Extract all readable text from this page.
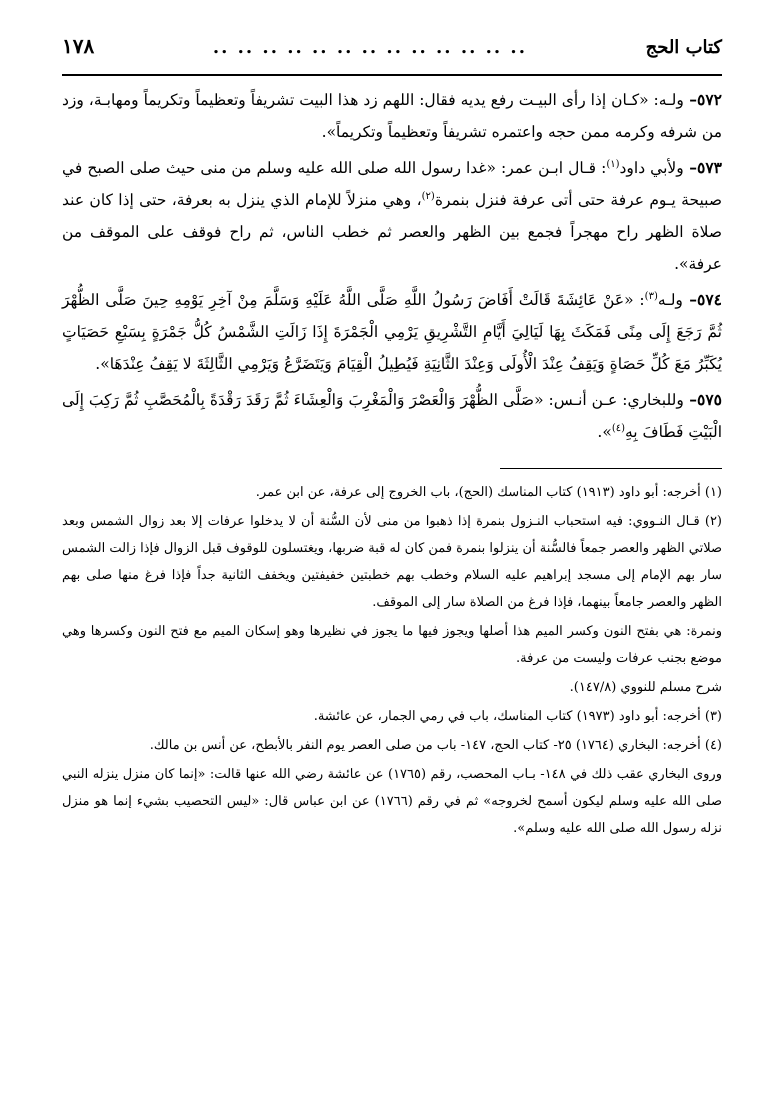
كتاب الحج
.. .. .. .. .. .. .. .. .. .. .. .. ..
١٧٨

٥٧٢– ولـه: «كـان إذا رأى البيـت رفع يديه فقال: اللهم زد هذا البيت تشريفاً وتعظيماً وتكريماً ومهابـة، وزد من شرفه وكرمه ممن حجه واعتمره تشريفاً وتعظيماً وتكريماً».

٥٧٣– ولأبي داود$^{(١)}$: قـال ابـن عمر: «غدا رسول الله صلى الله عليه وسلم من منى حيث صلى الصبح في صبيحة يـوم عرفة حتى أتى عرفة فنزل بنمرة$^{(٢)}$، وهي منزلاً للإمام الذي ينزل به بعرفة، حتى إذا كان عند صلاة الظهر راح مهجراً فجمع بين الظهر والعصر ثم خطب الناس، ثم راح فوقف على الموقف من عرفة».

٥٧٤– ولـه$^{(٣)}$: «عَنْ عَائِشَةَ قَالَتْ أَفَاضَ رَسُولُ اللَّهِ صَلَّى اللَّهُ عَلَيْهِ وَسَلَّمَ مِنْ آخِرِ يَوْمِهِ حِينَ صَلَّى الظُّهْرَ ثُمَّ رَجَعَ إِلَى مِنًى فَمَكَثَ بِهَا لَيَالِيَ أَيَّامِ التَّشْرِيقِ يَرْمِي الْجَمْرَةَ إِذَا زَالَتِ الشَّمْسُ كُلُّ جَمْرَةٍ بِسَبْعِ حَصَيَاتٍ يُكَبِّرُ مَعَ كُلِّ حَصَاةٍ وَيَقِفُ عِنْدَ الْأُولَى وَعِنْدَ الثَّانِيَةِ فَيُطِيلُ الْقِيَامَ وَيَتَضَرَّعُ وَيَرْمِي الثَّالِثَةَ لا يَقِفُ عِنْدَهَا».

٥٧٥– وللبخاري: عـن أنـس: «صَلَّى الظُّهْرَ وَالْعَصْرَ وَالْمَغْرِبَ وَالْعِشَاءَ ثُمَّ رَقَدَ رَقْدَةً بِالْمُحَصَّبِ ثُمَّ رَكِبَ إِلَى الْبَيْتِ فَطَافَ بِهِ$^{(٤)}$».

(١) أخرجه: أبو داود (١٩١٣) كتاب المناسك (الحج)، باب الخروج إلى عرفة، عن ابن عمر.

(٢) قـال النـووي: فيه استحباب النـزول بنمرة إذا ذهبوا من منى لأن السُّنة أن لا يدخلوا عرفات إلا بعد زوال الشمس وبعد صلاتي الظهر والعصر جمعاً فالسُّنة أن ينزلوا بنمرة فمن كان له قبة ضربها، ويغتسلون للوقوف قبل الزوال فإذا زالت الشمس سار بهم الإمام إلى مسجد إبراهيم عليه السلام وخطب بهم خطبتين خفيفتين ويخفف الثانية جداً فإذا فرغ منها صلى بهم الظهر والعصر جامعاً بينهما، فإذا فرغ من الصلاة سار إلى الموقف.

ونمرة: هي بفتح النون وكسر الميم هذا أصلها ويجوز فيها ما يجوز في نظيرها وهو إسكان الميم مع فتح النون وكسرها وهي موضع بجنب عرفات وليست من عرفة.

شرح مسلم للنووي (١٤٧/٨).

(٣) أخرجه: أبو داود (١٩٧٣) كتاب المناسك، باب في رمي الجمار، عن عائشة.

(٤) أخرجه: البخاري (١٧٦٤) ٢٥- كتاب الحج، ١٤٧- باب من صلى العصر يوم النفر بالأبطح، عن أنس بن مالك.

وروى البخاري عقب ذلك في ١٤٨- بـاب المحصب، رقم (١٧٦٥) عن عائشة رضي الله عنها قالت: «إنما كان منزل ينزله النبي صلى الله عليه وسلم ليكون أسمح لخروجه» ثم في رقم (١٧٦٦) عن ابن عباس قال: «ليس التحصيب بشيء إنما هو منزل نزله رسول الله صلى الله عليه وسلم».
